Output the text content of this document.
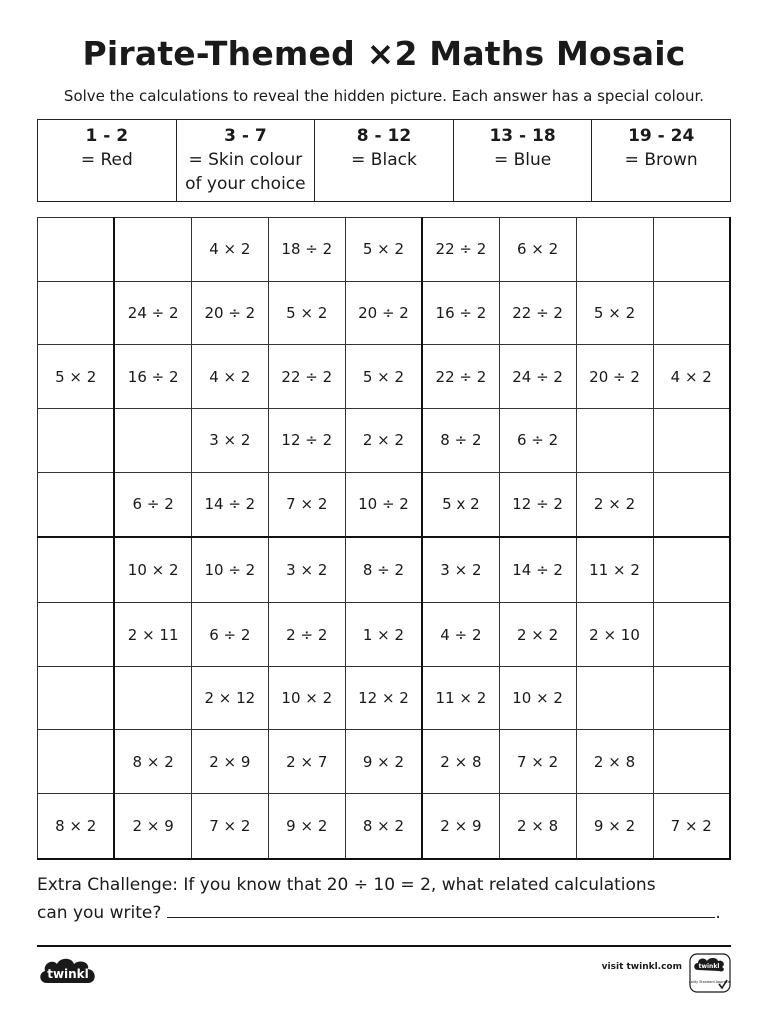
Pirate-Themed ×2 Maths Mosaic
Solve the calculations to reveal the hidden picture. Each answer has a special colour.
1 - 2
= Red

3 - 7
= Skin colour of your choice

8 - 12
= Black

13 - 18
= Blue

19 - 24
= Brown
		4 × 2	18 ÷ 2	5 × 2	22 ÷ 2	6 × 2		
	24 ÷ 2	20 ÷ 2	5 × 2	20 ÷ 2	16 ÷ 2	22 ÷ 2	5 × 2	
5 × 2	16 ÷ 2	4 × 2	22 ÷ 2	5 × 2	22 ÷ 2	24 ÷ 2	20 ÷ 2	4 × 2
		3 × 2	12 ÷ 2	2 × 2	8 ÷ 2	6 ÷ 2		
	6 ÷ 2	14 ÷ 2	7 × 2	10 ÷ 2	5 x 2	12 ÷ 2	2 × 2	
	10 × 2	10 ÷ 2	3 × 2	8 ÷ 2	3 × 2	14 ÷ 2	11 × 2	
	2 × 11	6 ÷ 2	2 ÷ 2	1 × 2	4 ÷ 2	2 × 2	2 × 10	
		2 × 12	10 × 2	12 × 2	11 × 2	10 × 2		
	8 × 2	2 × 9	2 × 7	9 × 2	2 × 8	7 × 2	2 × 8	
8 × 2	2 × 9	7 × 2	9 × 2	8 × 2	2 × 9	2 × 8	9 × 2	7 × 2
Extra Challenge: If you know that 20 ÷ 10 = 2, what related calculations
can you write?	.
twinkl	visit twinkl.com	twinkl
Quality Standard Approved
